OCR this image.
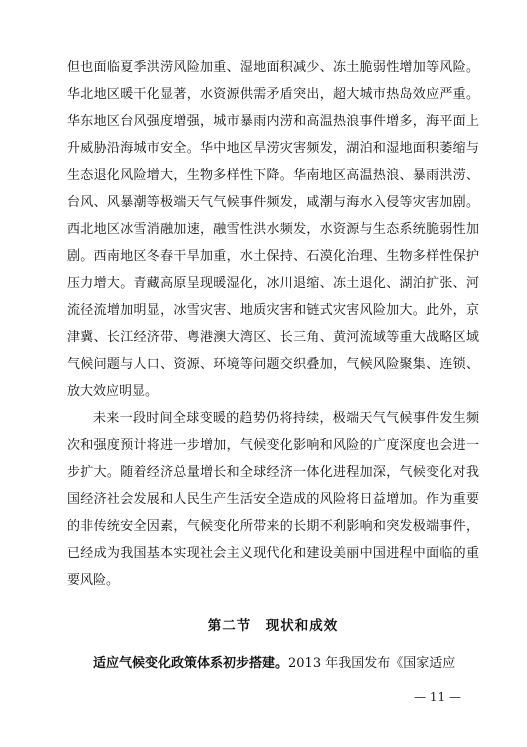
但也面临夏季洪涝风险加重、湿地面积减少、冻土脆弱性增加等风险。华北地区暖干化显著，水资源供需矛盾突出，超大城市热岛效应严重。华东地区台风强度增强，城市暴雨内涝和高温热浪事件增多，海平面上升威胁沿海城市安全。华中地区旱涝灾害频发，湖泊和湿地面积萎缩与生态退化风险增大，生物多样性下降。华南地区高温热浪、暴雨洪涝、台风、风暴潮等极端天气气候事件频发，咸潮与海水入侵等灾害加剧。西北地区冰雪消融加速，融雪性洪水频发，水资源与生态系统脆弱性加剧。西南地区冬春干旱加重，水土保持、石漠化治理、生物多样性保护压力增大。青藏高原呈现暖湿化，冰川退缩、冻土退化、湖泊扩张、河流径流增加明显，冰雪灾害、地质灾害和链式灾害风险加大。此外，京津冀、长江经济带、粤港澳大湾区、长三角、黄河流域等重大战略区域气候问题与人口、资源、环境等问题交织叠加，气候风险聚集、连锁、放大效应明显。

未来一段时间全球变暖的趋势仍将持续，极端天气气候事件发生频次和强度预计将进一步增加，气候变化影响和风险的广度深度也会进一步扩大。随着经济总量增长和全球经济一体化进程加深，气候变化对我国经济社会发展和人民生产生活安全造成的风险将日益增加。作为重要的非传统安全因素，气候变化所带来的长期不利影响和突发极端事件，已经成为我国基本实现社会主义现代化和建设美丽中国进程中面临的重要风险。

第二节　现状和成效

适应气候变化政策体系初步搭建。2013 年我国发布《国家适应

— 11 —
